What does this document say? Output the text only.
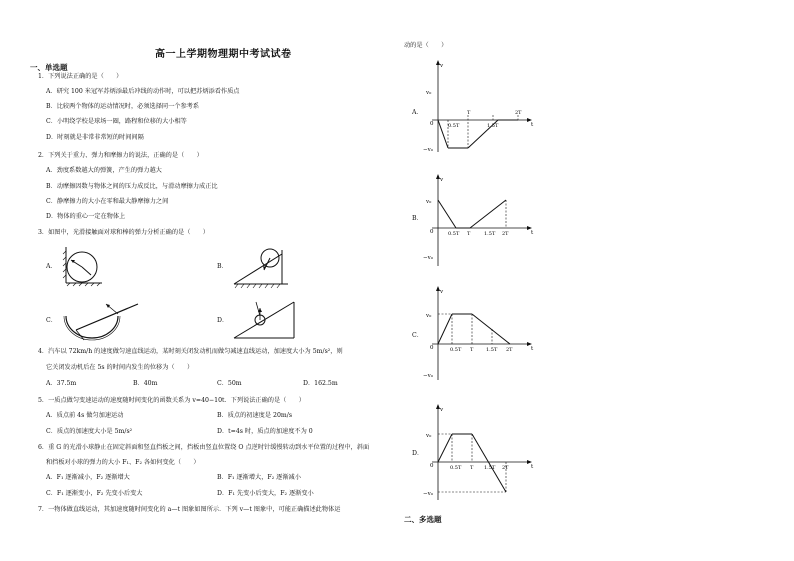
高一上学期物理期中考试试卷
一、单选题
1．下列说法正确的是（　　）
A．研究 100 米冠军苏炳添最后冲线的动作时，可以把苏炳添看作质点
B．比较两个物体的运动情况时，必须选择同一个参考系
C．小明绕学校是球场一圈，路程和位移的大小相等
D．时刻就是非常非常短的时间间隔
2．下列关于重力、弹力和摩擦力的说法，正确的是（　　）
A．劲度系数越大的弹簧，产生的弹力越大
B．动摩擦因数与物体之间的压力成反比，与滑动摩擦力成正比
C．静摩擦力的大小在零和最大静摩擦力之间
D．物体的重心一定在物体上
3．如图中，光滑接触面对球和棒的弹力分析正确的是（　　）
A．	B．
C．	D．
4．汽车以 72km/h 的速度做匀速直线运动，某时刻关闭发动机而做匀减速直线运动，加速度大小为 5m/s²，则
它关闭发动机后在 5s 的时间内发生的位移为（　　）
A．37.5m	B．40m	C．50m	D．162.5m
5．一质点做匀变速运动的速度随时间变化的函数关系为 v=40−10t．下列说法正确的是（　　）
A．质点前 4s 做匀加速运动	B．质点的初速度是 20m/s
C．质点的加速度大小是 5m/s²	D．t=4s 时，质点的加速度不为 0
6．重 G 的光滑小球静止在固定斜面和竖直挡板之间，挡板由竖直位置绕 O 点逆时针缓慢转动到水平位置的过程中，斜面
和挡板对小球的弹力的大小 F₁、F₂ 各如何变化（　　）
A．F₁ 逐渐减小，F₂ 逐渐增大	B．F₁ 逐渐增大，F₂ 逐渐减小
C．F₁ 逐渐变小，F₂ 先变小后变大	D．F₁ 先变小后变大，F₂ 逐渐变小
7．一物体做直线运动，其加速度随时间变化的 a—t 图象如图所示．下列 v—t 图象中，可能正确描述此物体运
动的是（　　）
A．
B．
C．
D．
v
t
0
v₀
−v₀
0.5T
T
1.5T
2T
v
t
0
v₀
−v₀
0.5T T	1.5T 2T
v
t
0
v₀
−v₀
0.5T T	1.5T 2T
v
t
0
v₀
−v₀
0.5T T 1.5T 2T
二、多选题
